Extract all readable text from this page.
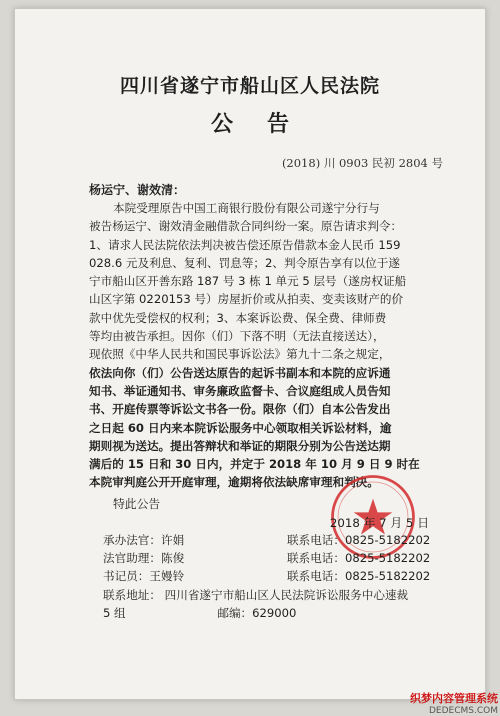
四川省遂宁市船山区人民法院
公告
(2018) 川 0903 民初 2804 号
杨运宁、谢效清：
本院受理原告中国工商银行股份有限公司遂宁分行与
被告杨运宁、谢效清金融借款合同纠纷一案。原告请求判令：
1、请求人民法院依法判决被告偿还原告借款本金人民币 159
028.6 元及利息、复利、罚息等；2、判令原告享有以位于遂
宁市船山区开善东路 187 号 3 栋 1 单元 5 层号（遂房权证船
山区字第 0220153 号）房屋折价或从拍卖、变卖该财产的价
款中优先受偿权的权利；3、本案诉讼费、保全费、律师费
等均由被告承担。因你（们）下落不明（无法直接送达），
现依照《中华人民共和国民事诉讼法》第九十二条之规定，
依法向你（们）公告送达原告的起诉书副本和本院的应诉通
知书、举证通知书、审务廉政监督卡、合议庭组成人员告知
书、开庭传票等诉讼文书各一份。限你（们）自本公告发出
之日起 60 日内来本院诉讼服务中心领取相关诉讼材料，逾
期则视为送达。提出答辩状和举证的期限分别为公告送达期
满后的 15 日和 30 日内，并定于 2018 年 10 月 9 日 9 时在
本院审判庭公开开庭审理，逾期将依法缺席审理和判决。
特此公告
2018 年 7 月 5 日
承办法官：许娟	联系电话：0825-5182202
法官助理：陈俊	联系电话：0825-5182202
书记员：王嫚铃	联系电话：0825-5182202
联系地址： 四川省遂宁市船山区人民法院诉讼服务中心速裁
5 组	邮编：629000
织梦内容管理系统
DEDECMS.COM
